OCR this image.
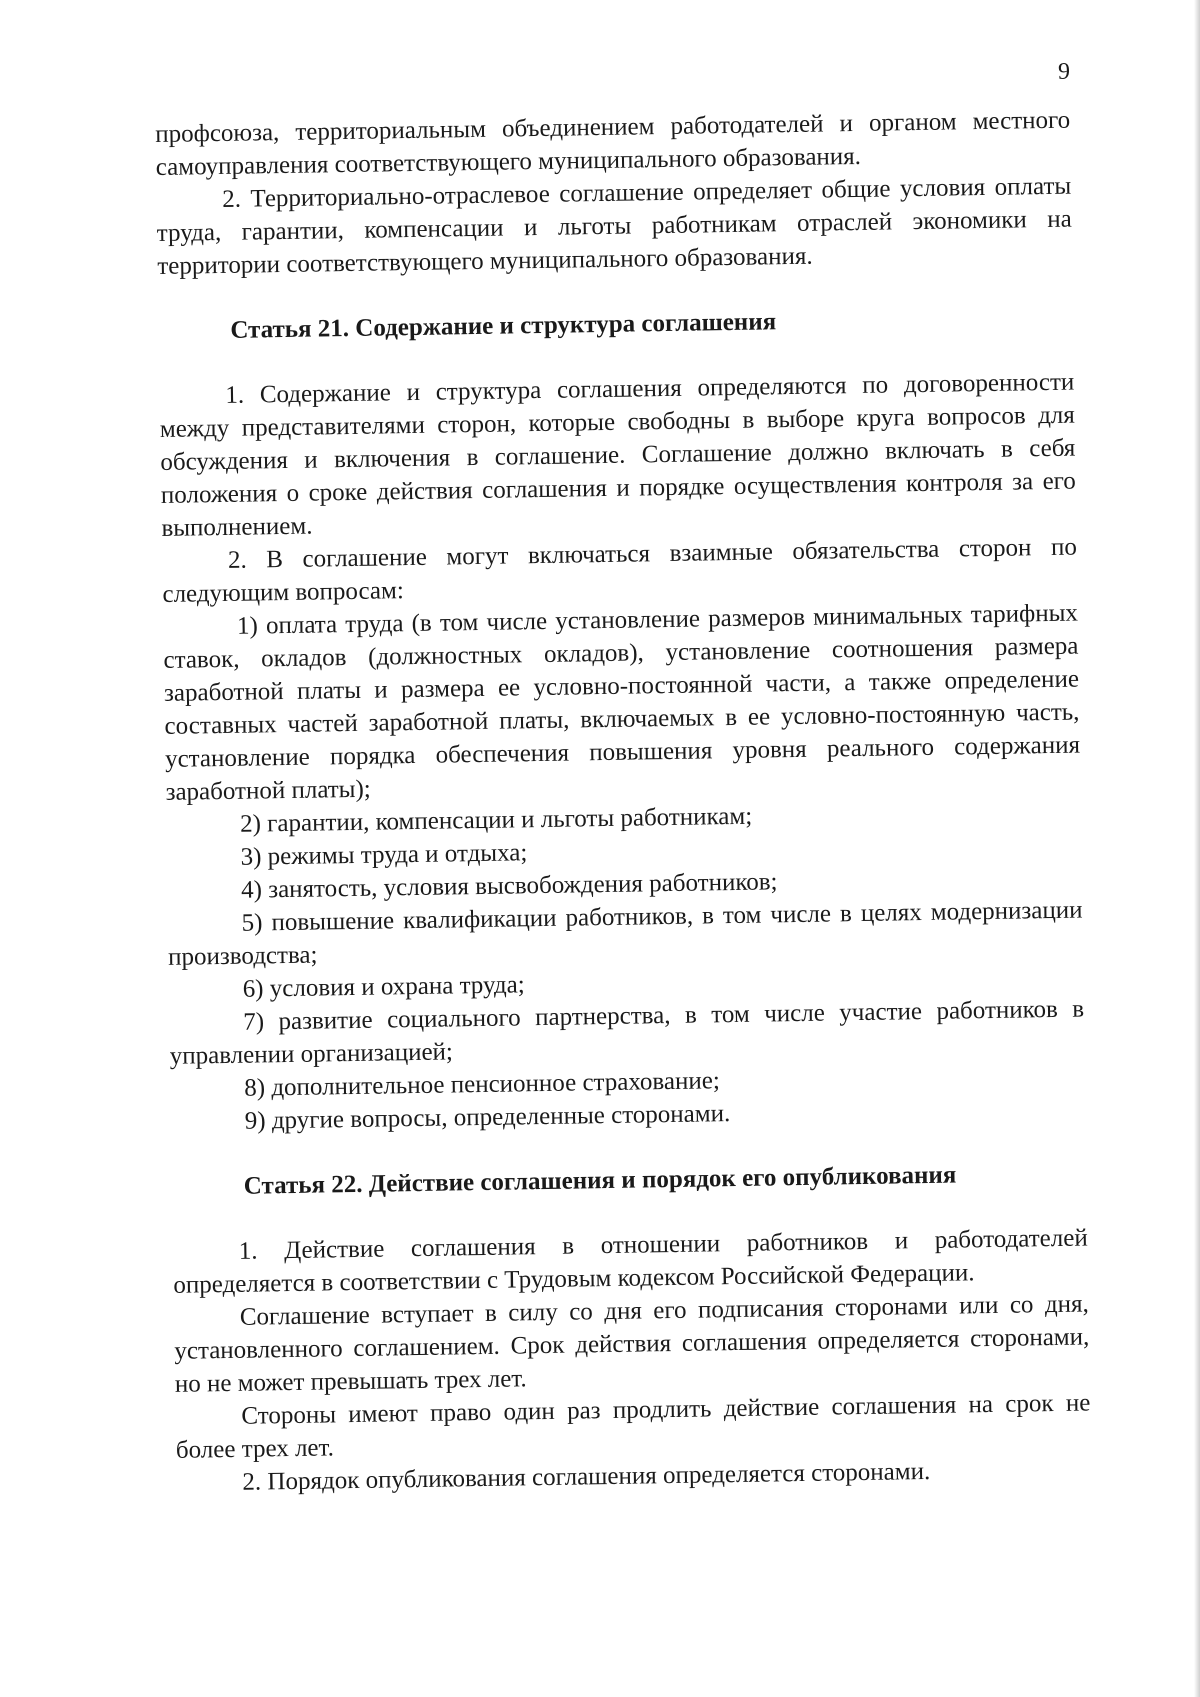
9

профсоюза, территориальным объединением работодателей и органом местного самоуправления соответствующего муниципального образования.

2. Территориально-отраслевое соглашение определяет общие условия оплаты труда, гарантии, компенсации и льготы работникам отраслей экономики на территории соответствующего муниципального образования.

Статья 21. Содержание и структура соглашения

1. Содержание и структура соглашения определяются по договоренности между представителями сторон, которые свободны в выборе круга вопросов для обсуждения и включения в соглашение. Соглашение должно включать в себя положения о сроке действия соглашения и порядке осуществления контроля за его выполнением.

2. В соглашение могут включаться взаимные обязательства сторон по следующим вопросам:

1) оплата труда (в том числе установление размеров минимальных тарифных ставок, окладов (должностных окладов), установление соотношения размера заработной платы и размера ее условно-постоянной части, а также определение составных частей заработной платы, включаемых в ее условно-постоянную часть, установление порядка обеспечения повышения уровня реального содержания заработной платы);

2) гарантии, компенсации и льготы работникам;

3) режимы труда и отдыха;

4) занятость, условия высвобождения работников;

5) повышение квалификации работников, в том числе в целях модернизации производства;

6) условия и охрана труда;

7) развитие социального партнерства, в том числе участие работников в управлении организацией;

8) дополнительное пенсионное страхование;

9) другие вопросы, определенные сторонами.

Статья 22. Действие соглашения и порядок его опубликования

1. Действие соглашения в отношении работников и работодателей определяется в соответствии с Трудовым кодексом Российской Федерации.

Соглашение вступает в силу со дня его подписания сторонами или со дня, установленного соглашением. Срок действия соглашения определяется сторонами, но не может превышать трех лет.

Стороны имеют право один раз продлить действие соглашения на срок не более трех лет.

2. Порядок опубликования соглашения определяется сторонами.
